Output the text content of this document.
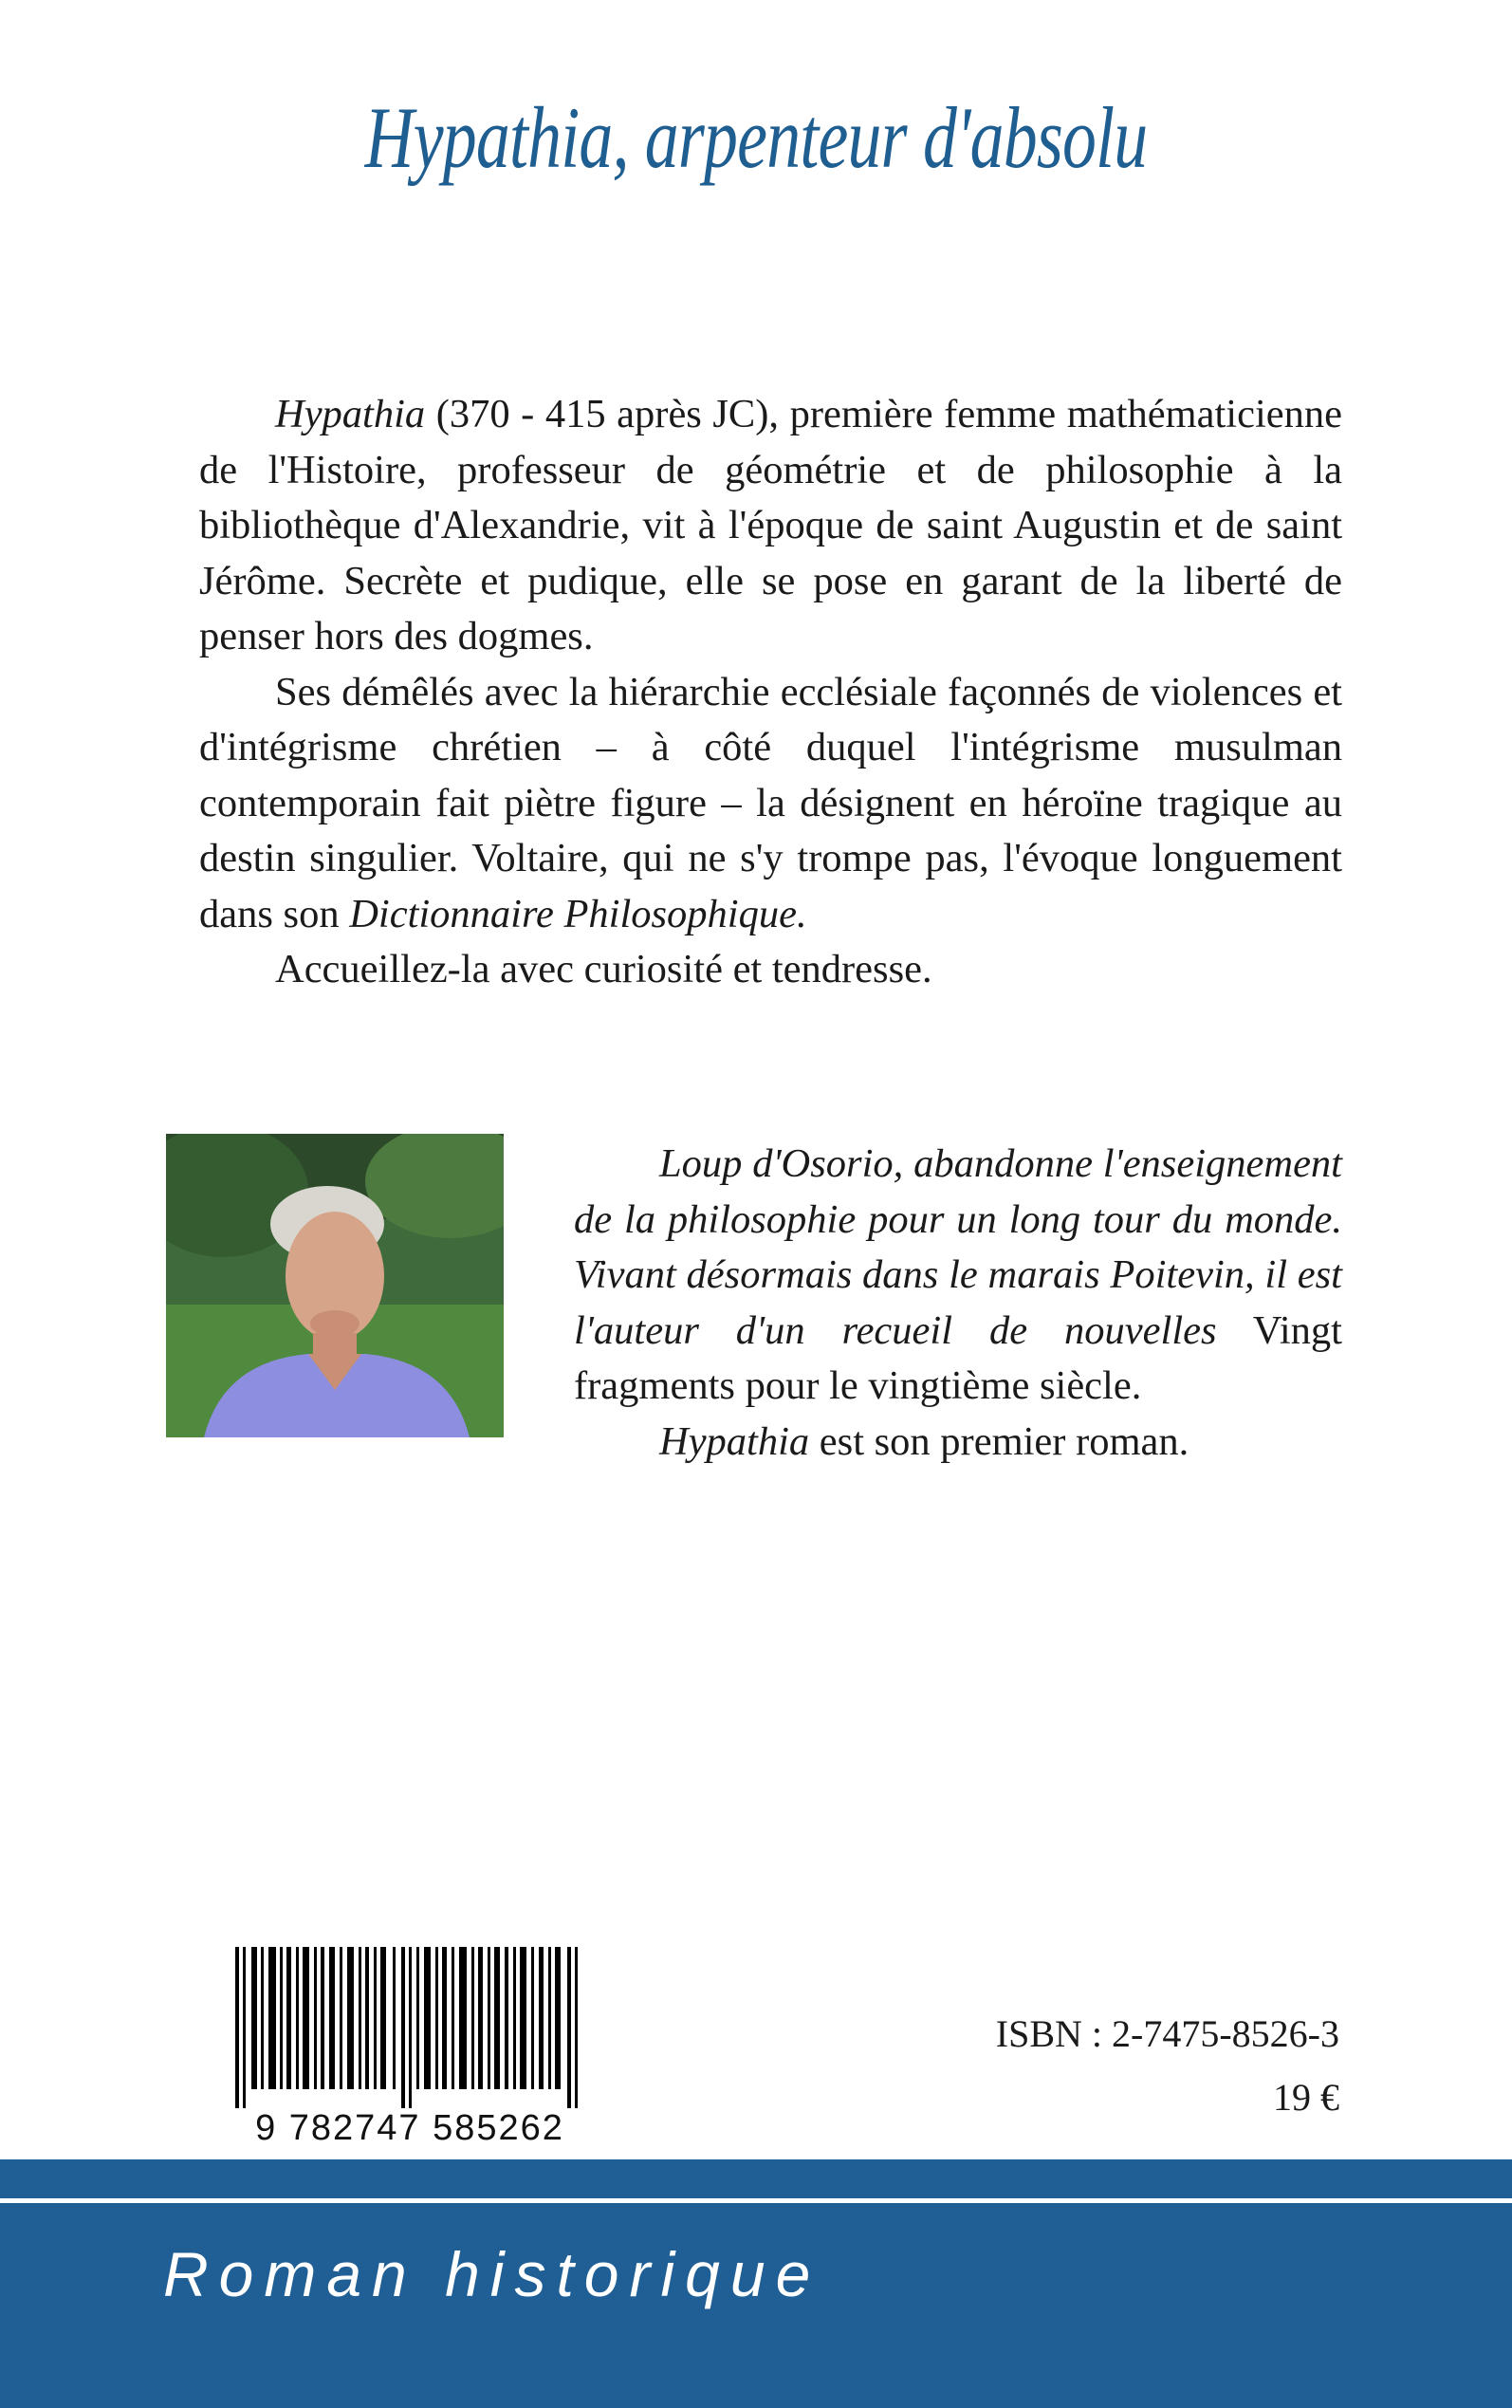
Hypathia, arpenteur d'absolu

Hypathia (370 - 415 après JC), première femme mathématicienne de l'Histoire, professeur de géométrie et de philosophie à la bibliothèque d'Alexandrie, vit à l'époque de saint Augustin et de saint Jérôme. Secrète et pudique, elle se pose en garant de la liberté de penser hors des dogmes.

Ses démêlés avec la hiérarchie ecclésiale façonnés de violences et d'intégrisme chrétien – à côté duquel l'intégrisme musulman contemporain fait piètre figure – la désignent en héroïne tragique au destin singulier. Voltaire, qui ne s'y trompe pas, l'évoque longuement dans son Dictionnaire Philosophique.

Accueillez-la avec curiosité et tendresse.

Loup d'Osorio, abandonne l'enseignement de la philosophie pour un long tour du monde. Vivant désormais dans le marais Poitevin, il est l'auteur d'un recueil de nouvelles Vingt fragments pour le vingtième siècle.

Hypathia est son premier roman.

9 782747 585262
ISBN : 2-7475-8526-3
19 €
Roman historique
